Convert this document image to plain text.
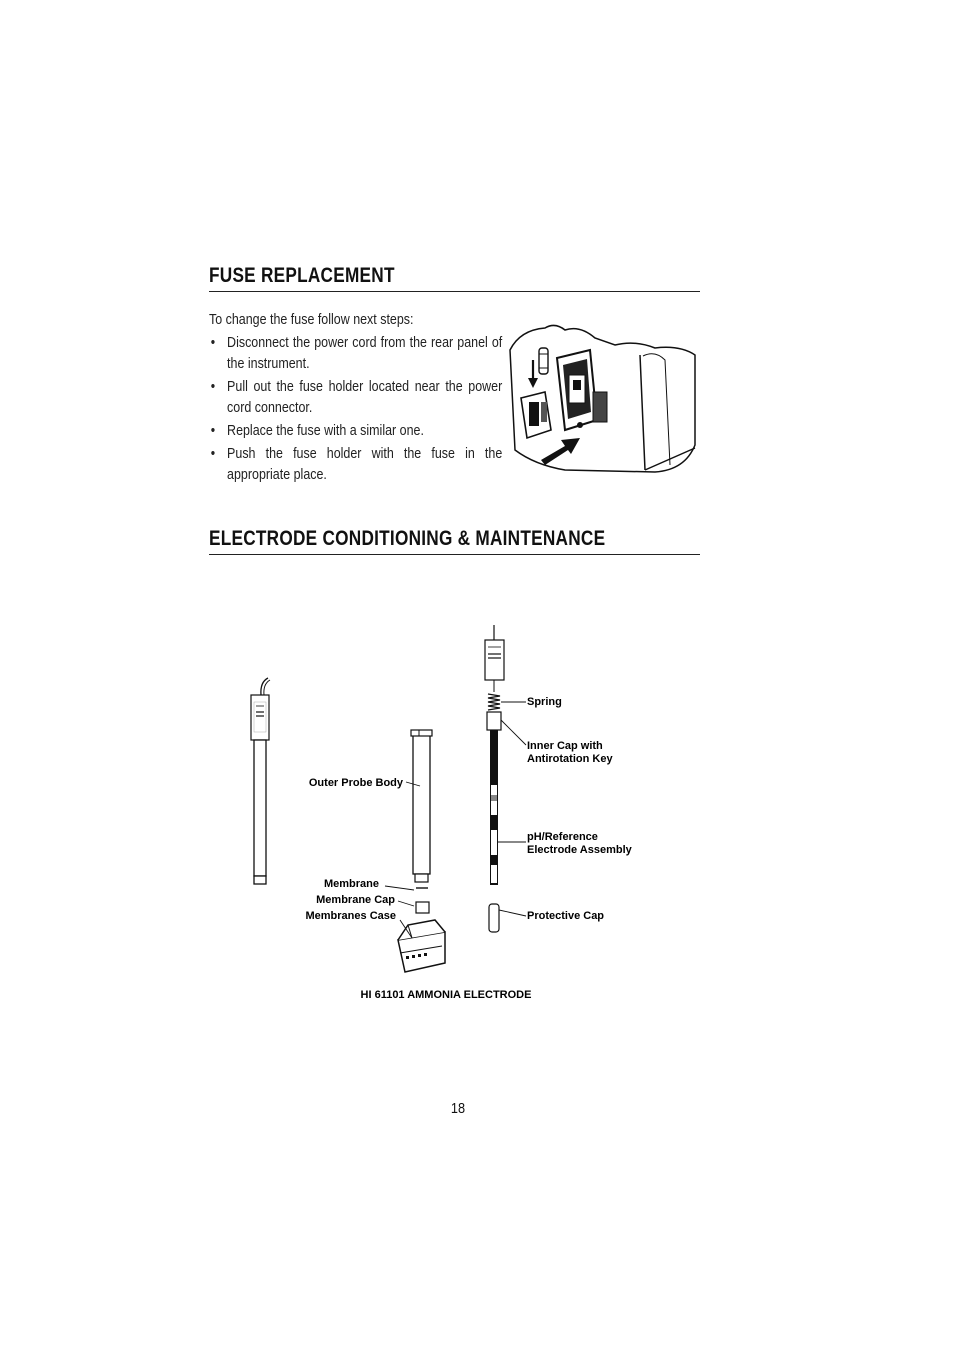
FUSE REPLACEMENT
To change the fuse follow next steps:
• Disconnect the power cord from the rear panel of the instrument.
• Pull out the fuse holder located near the power cord connector.
• Replace the fuse with a similar one.
• Push the fuse holder with the fuse in the appropriate place.
ELECTRODE CONDITIONING & MAINTENANCE
Outer Probe Body
Membrane
Membrane Cap
Membranes Case
Spring
Inner Cap with
Antirotation Key
pH/Reference
Electrode Assembly
Protective Cap
HI 61101 AMMONIA ELECTRODE
18
